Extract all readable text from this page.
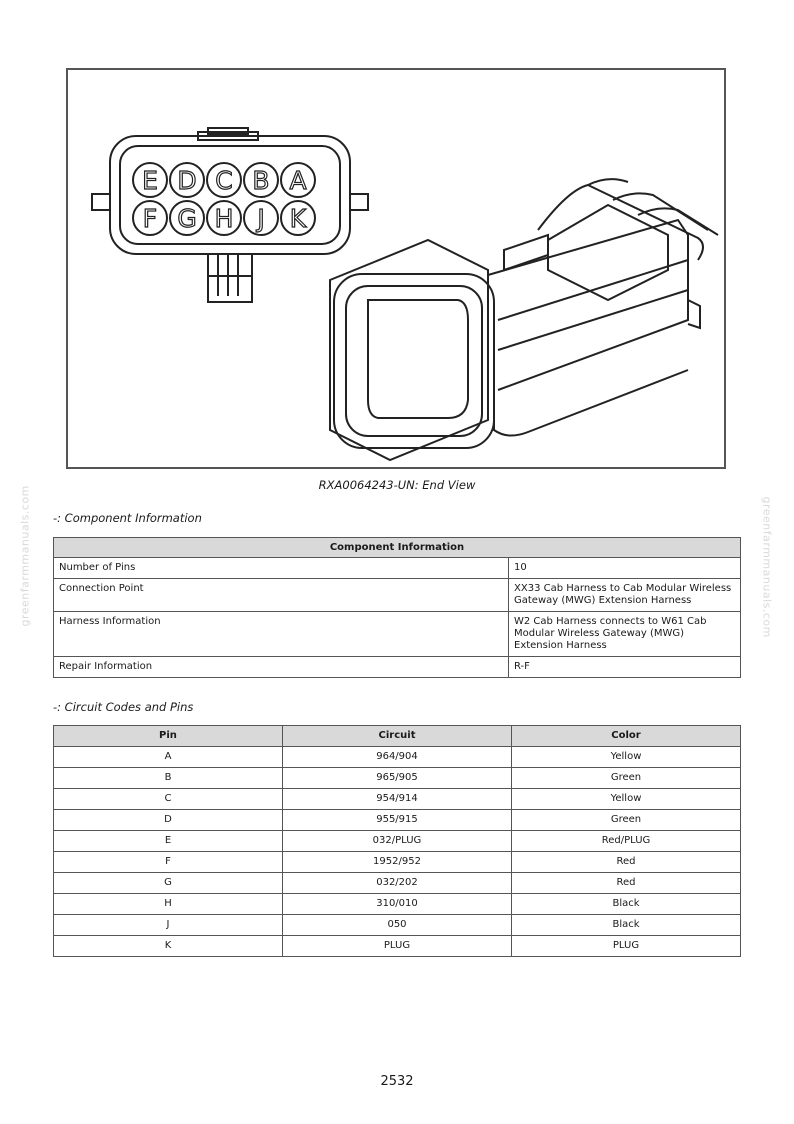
greenfarmmanuals.com	greenfarmmanuals.com
E D C B A
F G H J K
RXA0064243-UN: End View
-: Component Information
Component Information	
Number of Pins	10
Connection Point	XX33 Cab Harness to Cab Modular Wireless Gateway (MWG) Extension Harness
Harness Information	W2 Cab Harness connects to W61 Cab Modular Wireless Gateway (MWG) Extension Harness
Repair Information	R-F
-: Circuit Codes and Pins
Pin	Circuit	Color
A	964/904	Yellow
B	965/905	Green
C	954/914	Yellow
D	955/915	Green
E	032/PLUG	Red/PLUG
F	1952/952	Red
G	032/202	Red
H	310/010	Black
J	050	Black
K	PLUG	PLUG
2532
